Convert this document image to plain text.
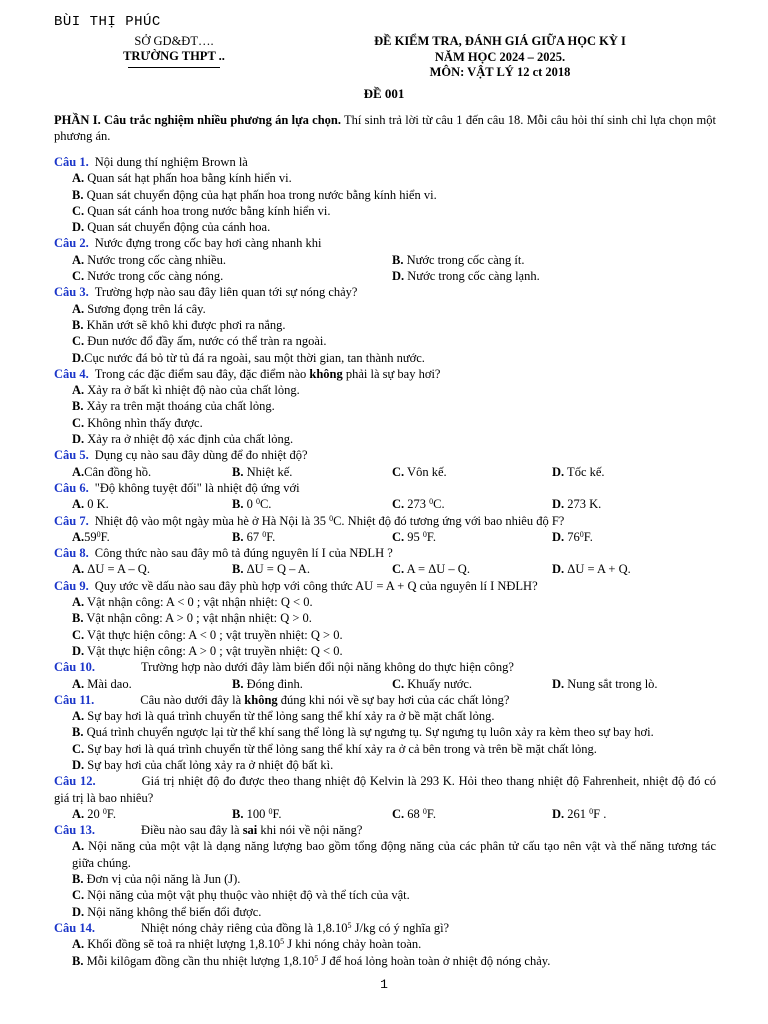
BÙI THỊ PHÚC
SỞ GD&ĐT….
TRƯỜNG THPT ..
ĐỀ KIỂM TRA, ĐÁNH GIÁ GIỮA HỌC KỲ I
NĂM HỌC 2024 – 2025.
MÔN: VẬT LÝ 12 ct 2018
ĐỀ 001
PHẦN I. Câu trắc nghiệm nhiều phương án lựa chọn. Thí sinh trả lời từ câu 1 đến câu 18. Mỗi câu hỏi thí sinh chỉ lựa chọn một phương án.
Câu 1. Nội dung thí nghiệm Brown là
A. Quan sát hạt phấn hoa bằng kính hiển vi.
B. Quan sát chuyển động của hạt phấn hoa trong nước bằng kính hiển vi.
C. Quan sát cánh hoa trong nước bằng kính hiển vi.
D. Quan sát chuyển động của cánh hoa.
Câu 2. Nước đựng trong cốc bay hơi càng nhanh khi
A. Nước trong cốc càng nhiều.	B. Nước trong cốc càng ít.
C. Nước trong cốc càng nóng.	D. Nước trong cốc càng lạnh.
Câu 3. Trường hợp nào sau đây liên quan tới sự nóng chảy?
A. Sương đọng trên lá cây.
B. Khăn ướt sẽ khô khi được phơi ra nắng.
C. Đun nước đổ đầy ấm, nước có thể tràn ra ngoài.
D.Cục nước đá bỏ từ tủ đá ra ngoài, sau một thời gian, tan thành nước.
Câu 4. Trong các đặc điểm sau đây, đặc điểm nào không phải là sự bay hơi?
A. Xảy ra ở bất kì nhiệt độ nào của chất lỏng.
B. Xảy ra trên mặt thoáng của chất lỏng.
C. Không nhìn thấy được.
D. Xảy ra ở nhiệt độ xác định của chất lỏng.
Câu 5. Dụng cụ nào sau đây dùng để đo nhiệt độ?
A.Cân đồng hồ.	B. Nhiệt kế.	C. Vôn kế.	D. Tốc kế.
Câu 6. "Độ không tuyệt đối" là nhiệt độ ứng với
A. 0 K.	B. 0 $^0$C.	C. 273 $^0$C.	D. 273 K.
Câu 7. Nhiệt độ vào một ngày mùa hè ở Hà Nội là 35 $^0$C. Nhiệt độ đó tương ứng với bao nhiêu độ F?
$A.59^0F$.	B. 67 $^0$F.	C. 95 $^0$F.	D. $76^0F$.
Câu 8. Công thức nào sau đây mô tả đúng nguyên lí I của NĐLH ?
A. ΔU = A – Q.	B. ΔU = Q – A.	C. A = ΔU – Q.	D. ΔU = A + Q.
Câu 9. Quy ước về dấu nào sau đây phù hợp với công thức AU = A + Q của nguyên lí I NĐLH?
A. Vật nhận công: A < 0 ; vật nhận nhiệt: Q < 0.
B. Vật nhận công: A > 0 ; vật nhận nhiệt: Q > 0.
C. Vật thực hiện công: A < 0 ; vật truyền nhiệt: Q > 0.
D. Vật thực hiện công: A > 0 ; vật truyền nhiệt: Q < 0.
Câu 10.	Trường hợp nào dưới đây làm biến đổi nội năng không do thực hiện công?
A. Mài dao.	B. Đóng đinh.	C. Khuấy nước.	D. Nung sắt trong lò.
Câu 11.	Câu nào dưới đây là không đúng khi nói về sự bay hơi của các chất lỏng?
A. Sự bay hơi là quá trình chuyển từ thể lỏng sang thể khí xảy ra ở bề mặt chất lỏng.
B. Quá trình chuyển ngược lại từ thể khí sang thể lỏng là sự ngưng tụ. Sự ngưng tụ luôn xảy ra kèm theo sự bay hơi.
C. Sự bay hơi là quá trình chuyển từ thể lỏng sang thể khí xảy ra ở cả bên trong và trên bề mặt chất lỏng.
D. Sự bay hơi của chất lỏng xảy ra ở nhiệt độ bất kì.
Câu 12.	Giá trị nhiệt độ đo được theo thang nhiệt độ Kelvin là 293 K. Hỏi theo thang nhiệt độ Fahrenheit, nhiệt độ đó có giá trị là bao nhiêu?
A. 20 $^0$F.	B. 100 $^0$F.	C. 68 $^0$F.	D. 261 $^0$F .
Câu 13.	Điều nào sau đây là sai khi nói về nội năng?
A. Nội năng của một vật là dạng năng lượng bao gồm tổng động năng của các phân tử cấu tạo nên vật và thế năng tương tác giữa chúng.
B. Đơn vị của nội năng là Jun (J).
C. Nội năng của một vật phụ thuộc vào nhiệt độ và thể tích của vật.
D. Nội năng không thể biến đổi được.
Câu 14.	Nhiệt nóng chảy riêng của đồng là 1,8.10$^5$ J/kg có ý nghĩa gì?
A. Khối đồng sẽ toả ra nhiệt lượng 1,8.10$^5$ J khi nóng chảy hoàn toàn.
B. Mỗi kilôgam đồng cần thu nhiệt lượng 1,8.10$^5$ J để hoá lỏng hoàn toàn ở nhiệt độ nóng chảy.
1
